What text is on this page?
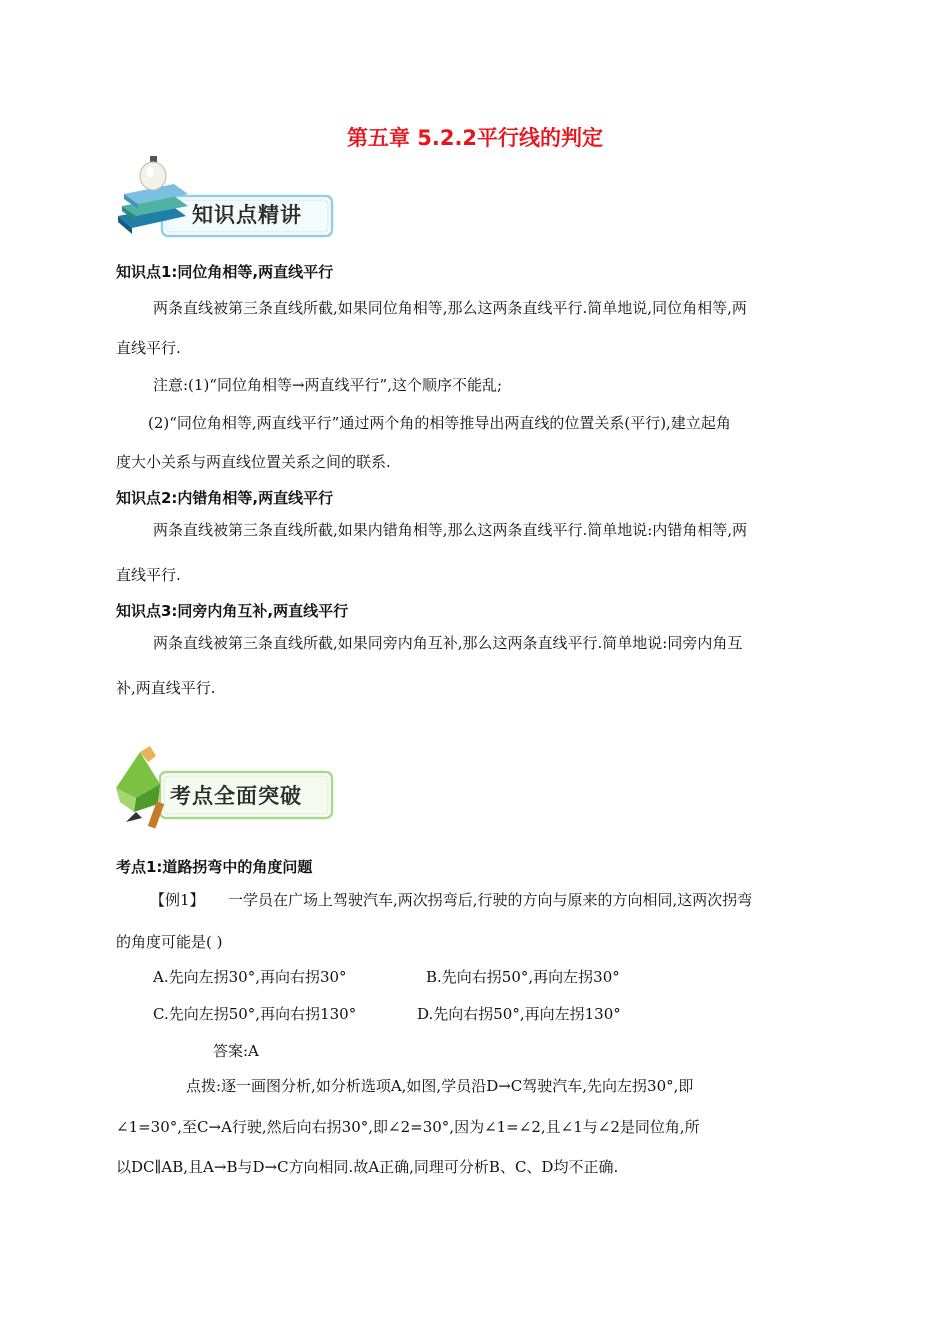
第五章 5.2.2平行线的判定
知识点精讲
知识点1:同位角相等,两直线平行
两条直线被第三条直线所截,如果同位角相等,那么这两条直线平行.简单地说,同位角相等,两
直线平行.
注意:(1)“同位角相等→两直线平行”,这个顺序不能乱;
(2)“同位角相等,两直线平行”通过两个角的相等推导出两直线的位置关系(平行),建立起角
度大小关系与两直线位置关系之间的联系.
知识点2:内错角相等,两直线平行
两条直线被第三条直线所截,如果内错角相等,那么这两条直线平行.简单地说:内错角相等,两
直线平行.
知识点3:同旁内角互补,两直线平行
两条直线被第三条直线所截,如果同旁内角互补,那么这两条直线平行.简单地说:同旁内角互
补,两直线平行.
考点全面突破
考点1:道路拐弯中的角度问题
【例1】 一学员在广场上驾驶汽车,两次拐弯后,行驶的方向与原来的方向相同,这两次拐弯
的角度可能是( )
A.先向左拐30°,再向右拐30°	B.先向右拐50°,再向左拐30°
C.先向左拐50°,再向右拐130°	D.先向右拐50°,再向左拐130°
答案:A
点拨:逐一画图分析,如分析选项A,如图,学员沿D→C驾驶汽车,先向左拐30°,即
∠1=30°,至C→A行驶,然后向右拐30°,即∠2=30°,因为∠1=∠2,且∠1与∠2是同位角,所
以DC∥AB,且A→B与D→C方向相同.故A正确,同理可分析B、C、D均不正确.
